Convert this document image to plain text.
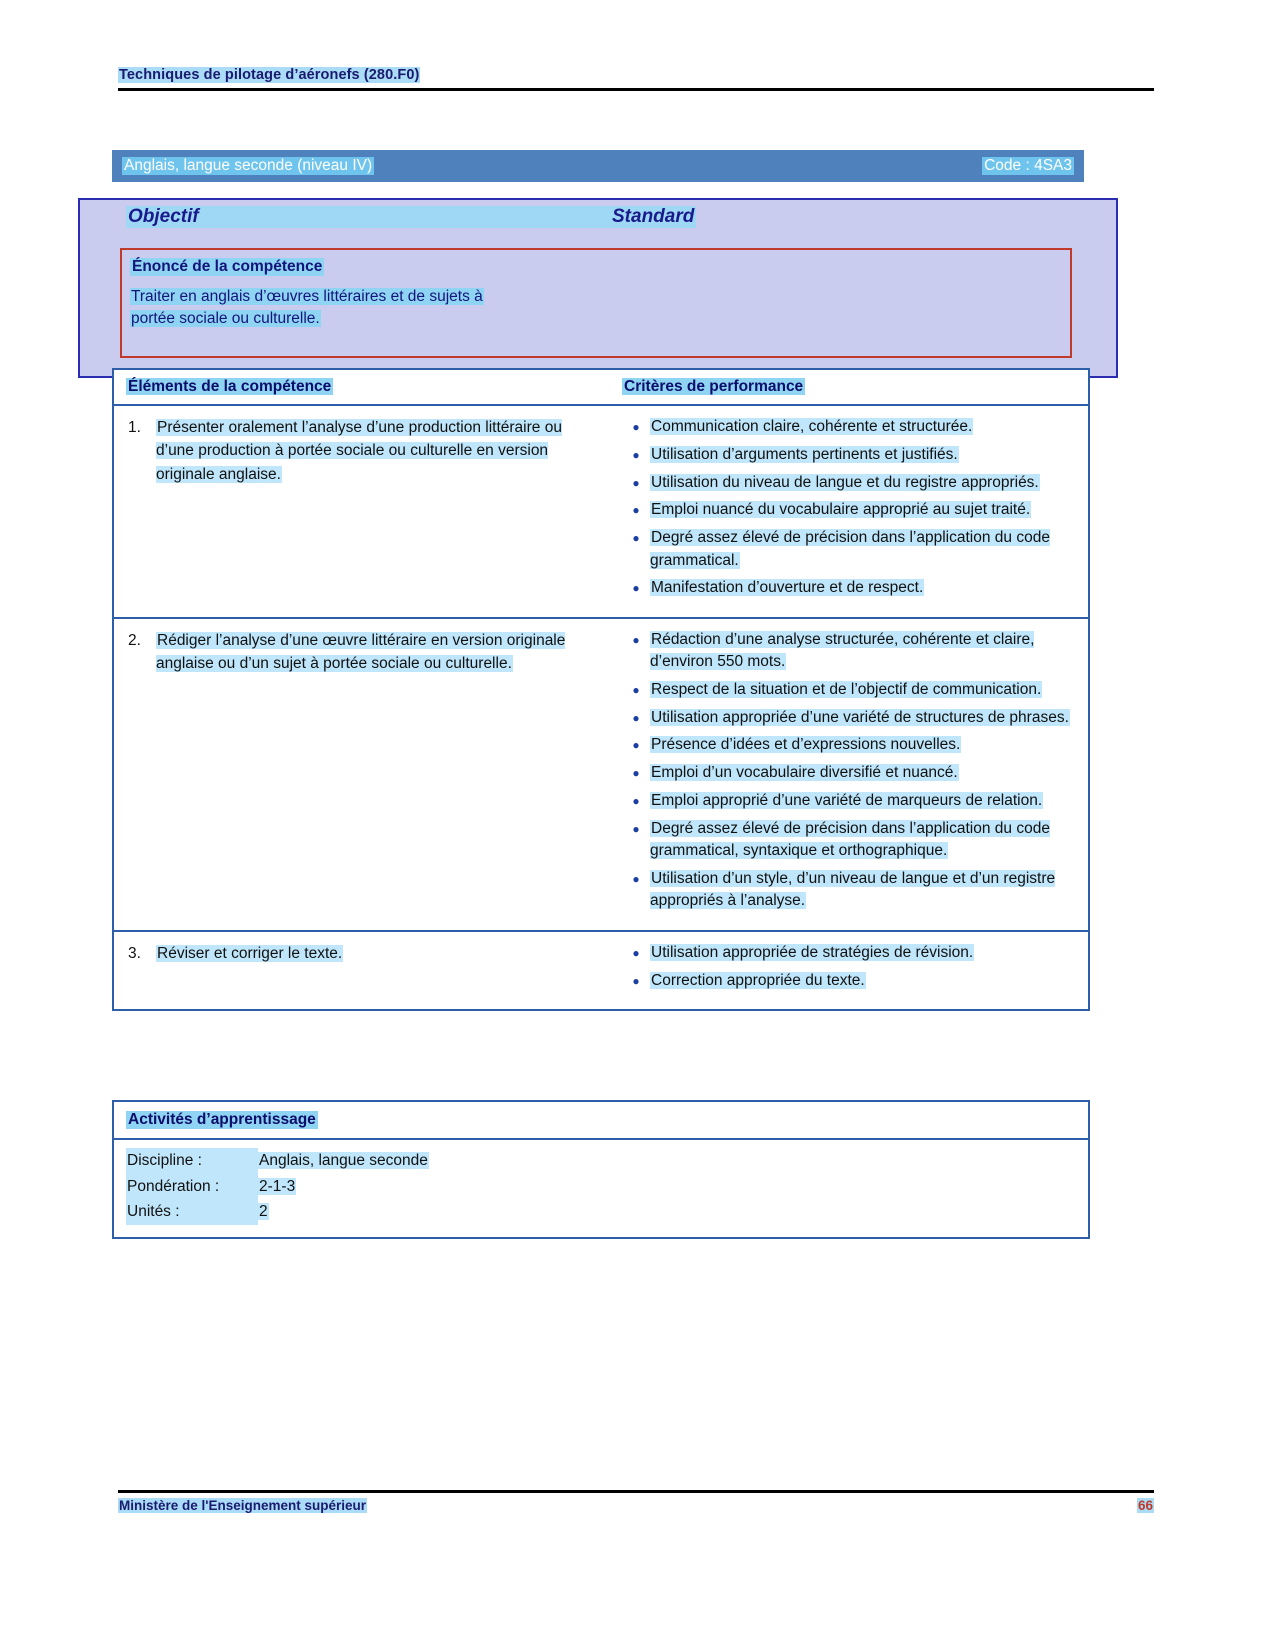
Techniques de pilotage d’aéronefs (280.F0)
Anglais, langue seconde (niveau IV)	Code : 4SA3
Objectif	Standard
Énoncé de la compétence
Traiter en anglais d’œuvres littéraires et de sujets à
portée sociale ou culturelle.
Éléments de la compétence	Critères de performance
1.	Présenter oralement l’analyse d’une production littéraire ou d’une production à portée sociale ou culturelle en version originale anglaise.
● Communication claire, cohérente et structurée.
● Utilisation d’arguments pertinents et justifiés.
● Utilisation du niveau de langue et du registre appropriés.
● Emploi nuancé du vocabulaire approprié au sujet traité.
● Degré assez élevé de précision dans l’application du code grammatical.
● Manifestation d’ouverture et de respect.
2.	Rédiger l’analyse d’une œuvre littéraire en version originale anglaise ou d’un sujet à portée sociale ou culturelle.
● Rédaction d’une analyse structurée, cohérente et claire, d’environ 550 mots.
● Respect de la situation et de l’objectif de communication.
● Utilisation appropriée d’une variété de structures de phrases.
● Présence d’idées et d’expressions nouvelles.
● Emploi d’un vocabulaire diversifié et nuancé.
● Emploi approprié d’une variété de marqueurs de relation.
● Degré assez élevé de précision dans l’application du code grammatical, syntaxique et orthographique.
● Utilisation d’un style, d’un niveau de langue et d’un registre appropriés à l’analyse.
3.	Réviser et corriger le texte.	● Utilisation appropriée de stratégies de révision.
● Correction appropriée du texte.
Activités d’apprentissage
Discipline :	Anglais, langue seconde
Pondération :	2-1-3
Unités :	2
Ministère de l'Enseignement supérieur	66
